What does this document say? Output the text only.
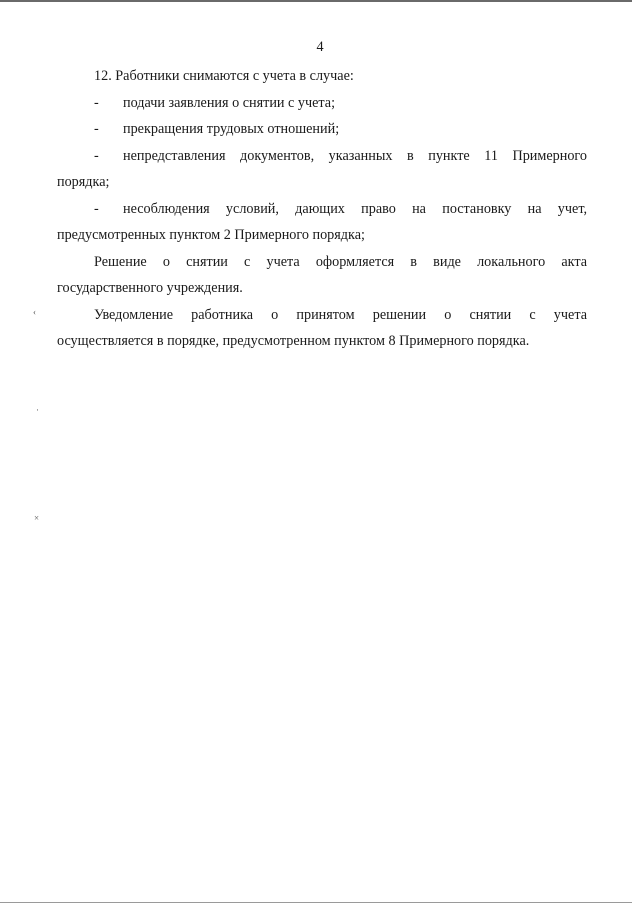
4

12. Работники снимаются с учета в случае:

-	подачи заявления о снятии с учета;
-	прекращения трудовых отношений;
-	непредставления документов, указанных в пункте 11 Примерного

порядка;

-	несоблюдения условий, дающих право на постановку на учет,

предусмотренных пунктом 2 Примерного порядка;

Решение о снятии с учета оформляется в виде локального акта

государственного учреждения.

Уведомление работника о принятом решении о снятии с учета

осуществляется в порядке, предусмотренном пунктом 8 Примерного порядка.

‹
·
×
